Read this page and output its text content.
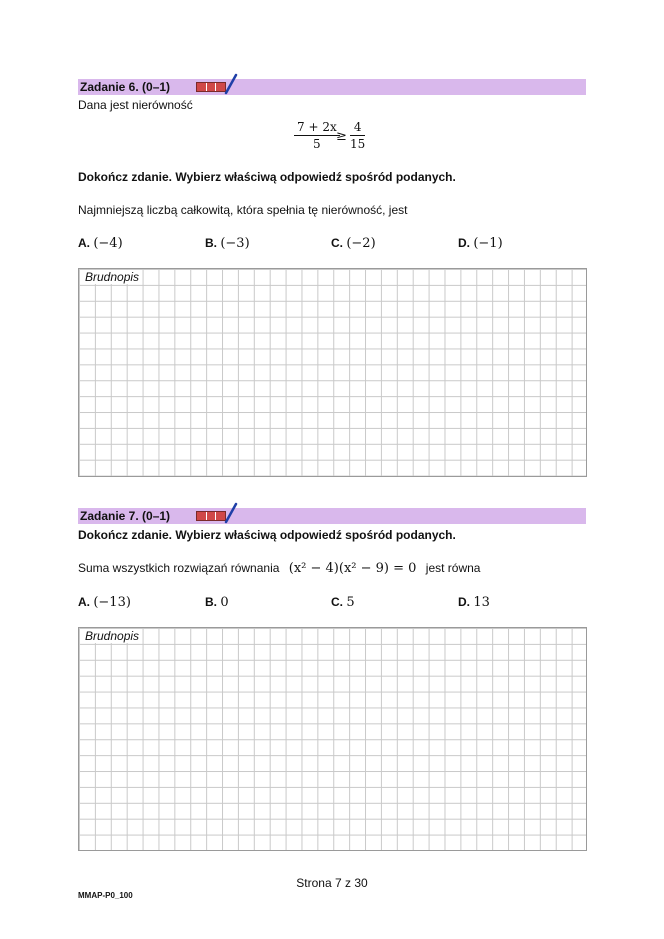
Zadanie 6. (0–1)
Dana jest nierówność
7 + 2x
5 ≥
4
15
Dokończ zdanie. Wybierz właściwą odpowiedź spośród podanych.
Najmniejszą liczbą całkowitą, która spełnia tę nierówność, jest
A. (−4)	B. (−3)	C. (−2)	D. (−1)
Brudnopis
Zadanie 7. (0–1)
Dokończ zdanie. Wybierz właściwą odpowiedź spośród podanych.
Suma wszystkich rozwiązań równania (x² − 4)(x² − 9) = 0 jest równa
A. (−13)	B. 0	C. 5	D. 13
Brudnopis
Strona 7 z 30
MMAP-P0_100
